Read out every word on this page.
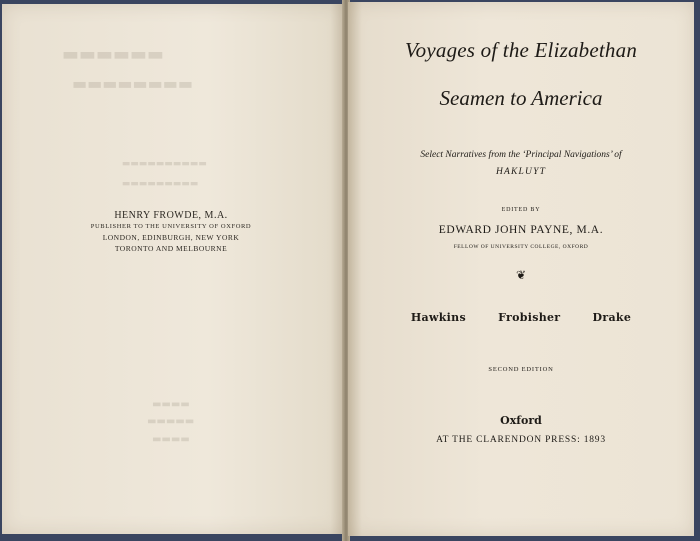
▬▬▬▬▬▬
▬▬▬▬▬▬▬▬
▬▬▬▬▬▬▬▬▬▬
▬▬▬▬▬▬▬▬▬
▬▬▬▬
▬▬▬▬▬
▬▬▬▬
HENRY FROWDE, M.A.
PUBLISHER TO THE UNIVERSITY OF OXFORD
LONDON, EDINBURGH, NEW YORK
TORONTO AND MELBOURNE
Voyages of the Elizabethan
Seamen to America
Select Narratives from the ‘Principal Navigations’ of
HAKLUYT
EDITED BY
EDWARD JOHN PAYNE, M.A.
FELLOW OF UNIVERSITY COLLEGE, OXFORD
❦
Hawkins	Frobisher	Drake
SECOND EDITION
Oxford
AT THE CLARENDON PRESS: 1893
